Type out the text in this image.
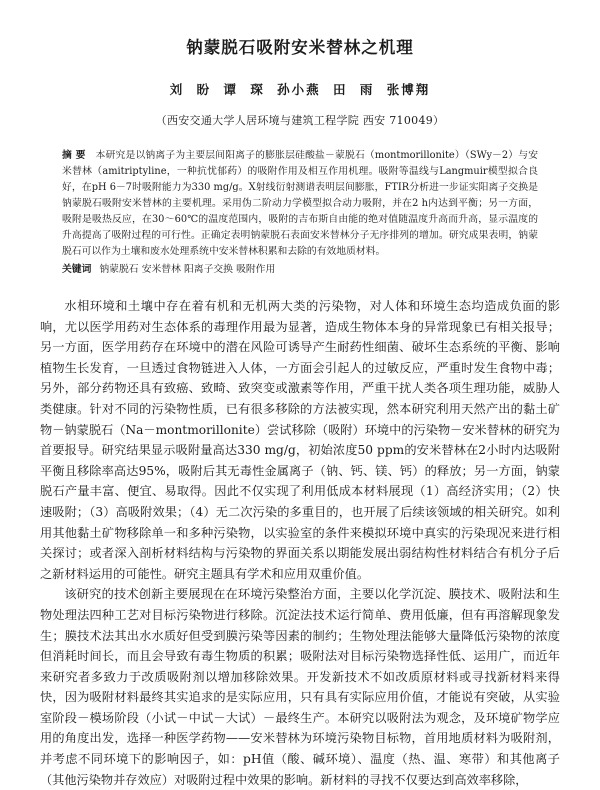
钠蒙脱石吸附安米替林之机理
刘 盼 谭 琛 孙小燕 田 雨 张博翔
（西安交通大学人居环境与建筑工程学院 西安 710049）
摘 要 本研究是以钠离子为主要层间阳离子的膨胀层硅酸盐－蒙脱石（montmorillonite）（SWy－2）与安米替林（amitriptyline，一种抗忧郁药）的吸附作用及相互作用机理。吸附等温线与Langmuir模型拟合良好，在pH 6－7时吸附能力为330 mg/g。X射线衍射测谱表明层间膨胀，FTIR分析进一步证实阳离子交换是钠蒙脱石吸附安米替林的主要机理。采用伪二阶动力学模型拟合动力吸附，并在2 h内达到平衡；另一方面，吸附是吸热反应，在30～60℃的温度范围内，吸附的吉布斯自由能的绝对值随温度升高而升高，显示温度的升高提高了吸附过程的可行性。正确定表明钠蒙脱石表面安米替林分子无序排列的增加。研究成果表明，钠蒙脱石可以作为土壤和废水处理系统中安米替林积累和去除的有效地质材料。
关键词 钠蒙脱石 安米替林 阳离子交换 吸附作用

水相环境和土壤中存在着有机和无机两大类的污染物，对人体和环境生态均造成负面的影响，尤以医学用药对生态体系的毒理作用最为显著，造成生物体本身的异常现象已有相关报导；另一方面，医学用药存在环境中的潜在风险可诱导产生耐药性细菌、破坏生态系统的平衡、影响植物生长发育，一旦透过食物链进入人体，一方面会引起人的过敏反应，严重时发生食物中毒；另外，部分药物还具有致癌、致畸、致突变或激素等作用，严重干扰人类各项生理功能，威胁人类健康。针对不同的污染物性质，已有很多移除的方法被实现，然本研究利用天然产出的黏土矿物－钠蒙脱石（Na－montmorillonite）尝试移除（吸附）环境中的污染物－安米替林的研究为首要报导。研究结果显示吸附量高达330 mg/g，初始浓度50 ppm的安米替林在2小时内达吸附平衡且移除率高达95%，吸附后其无毒性金属离子（钠、钙、镁、钙）的释放；另一方面，钠蒙脱石产量丰富、便宜、易取得。因此不仅实现了利用低成本材料展现（1）高经济实用；（2）快速吸附；（3）高吸附效果；（4）无二次污染的多重目的，也开展了后续该领域的相关研究。如利用其他黏土矿物移除单一和多种污染物，以实验室的条件来模拟环境中真实的污染现况来进行相关探讨；或者深入剖析材料结构与污染物的界面关系以期能发展出弱结构性材料结合有机分子后之新材料运用的可能性。研究主题具有学术和应用双重价值。

该研究的技术创新主要展现在在环境污染整治方面，主要以化学沉淀、膜技术、吸附法和生物处理法四种工艺对目标污染物进行移除。沉淀法技术运行简单、费用低廉，但有再溶解现象发生；膜技术法其出水水质好但受到膜污染等因素的制约；生物处理法能够大量降低污染物的浓度但消耗时间长，而且会导致有毒生物质的积累；吸附法对目标污染物选择性低、运用广，而近年来研究者多致力于改质吸附剂以增加移除效果。开发新技术不如改质原材料或寻找新材料来得快，因为吸附材料最终其实追求的是实际应用，只有具有实际应用价值，才能说有突破，从实验室阶段－模场阶段（小试－中试－大试）－最终生产。本研究以吸附法为观念，及环境矿物学应用的角度出发，选择一种医学药物——安米替林为环境污染物目标物，首用地质材料为吸附剂，并考虑不同环境下的影响因子，如：pH值（酸、碱环境）、温度（热、温、寒带）和其他离子（其他污染物并存效应）对吸附过程中效果的影响。新材料的寻找不仅要达到高效率移除，
